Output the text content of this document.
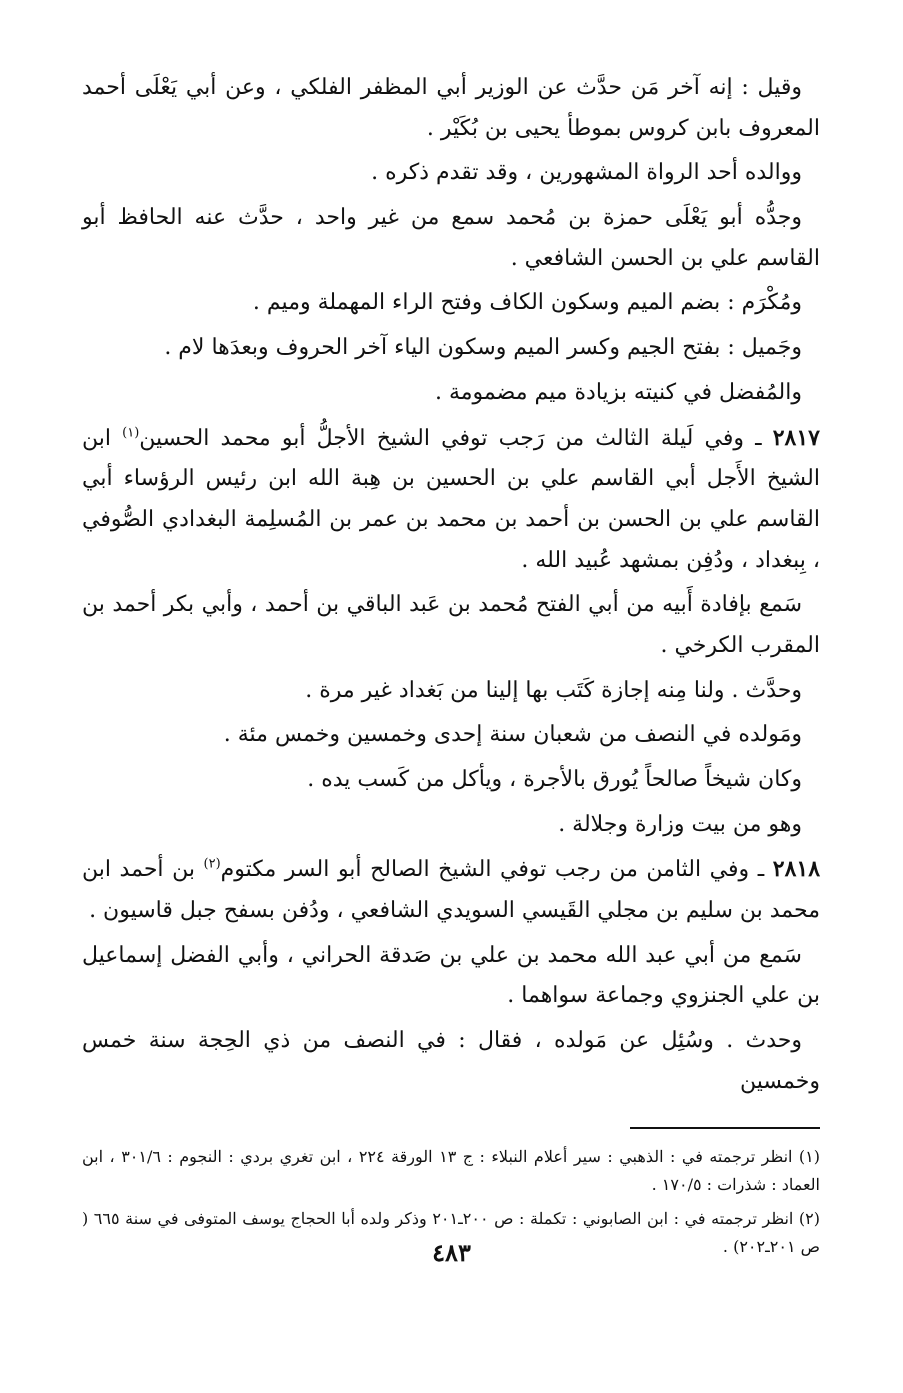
وقيل : إنه آخر مَن حدَّث عن الوزير أبي المظفر الفلكي ، وعن أبي يَعْلَى أحمد المعروف بابن كروس بموطأ يحيى بن بُكَيْر .

ووالده أحد الرواة المشهورين ، وقد تقدم ذكره .

وجدُّه أبو يَعْلَى حمزة بن مُحمد سمع من غير واحد ، حدَّث عنه الحافظ أبو القاسم علي بن الحسن الشافعي .

ومُكْرَم : بضم الميم وسكون الكاف وفتح الراء المهملة وميم .

وجَميل : بفتح الجيم وكسر الميم وسكون الياء آخر الحروف وبعدَها لام .

والمُفضل في كنيته بزيادة ميم مضمومة .

٢٨١٧ ـ وفي لَيلة الثالث من رَجب توفي الشيخ الأجلُّ أبو محمد الحسين$^{(١)}$ ابن الشيخ الأَجل أبي القاسم علي بن الحسين بن هِبة الله ابن رئيس الرؤساء أبي القاسم علي بن الحسن بن أحمد بن محمد بن عمر بن المُسلِمة البغدادي الصُّوفي ، بِبغداد ، ودُفِن بمشهد عُبيد الله .

سَمع بإفادة أَبيه من أبي الفتح مُحمد بن عَبد الباقي بن أحمد ، وأبي بكر أحمد بن المقرب الكرخي .

وحدَّث . ولنا مِنه إجازة كَتَب بها إلينا من بَغداد غير مرة .

ومَولده في النصف من شعبان سنة إحدى وخمسين وخمس مئة .

وكان شيخاً صالحاً يُورق بالأجرة ، ويأكل من كَسب يده .

وهو من بيت وزارة وجلالة .

٢٨١٨ ـ وفي الثامن من رجب توفي الشيخ الصالح أبو السر مكتوم$^{(٢)}$ بن أحمد ابن محمد بن سليم بن مجلي القَيسي السويدي الشافعي ، ودُفن بسفح جبل قاسيون .

سَمع من أبي عبد الله محمد بن علي بن صَدقة الحراني ، وأبي الفضل إسماعيل بن علي الجنزوي وجماعة سواهما .

وحدث . وسُئِل عن مَولده ، فقال : في النصف من ذي الحِجة سنة خمس وخمسين

(١) انظر ترجمته في : الذهبي : سير أعلام النبلاء : ج ١٣ الورقة ٢٢٤ ، ابن تغري بردي : النجوم : ٣٠١/٦ ، ابن العماد : شذرات : ١٧٠/٥ .

(٢) انظر ترجمته في : ابن الصابوني : تكملة : ص ٢٠٠ـ٢٠١ وذكر ولده أبا الحجاج يوسف المتوفى في سنة ٦٦٥ ( ص ٢٠١ـ٢٠٢) .

٤٨٣
